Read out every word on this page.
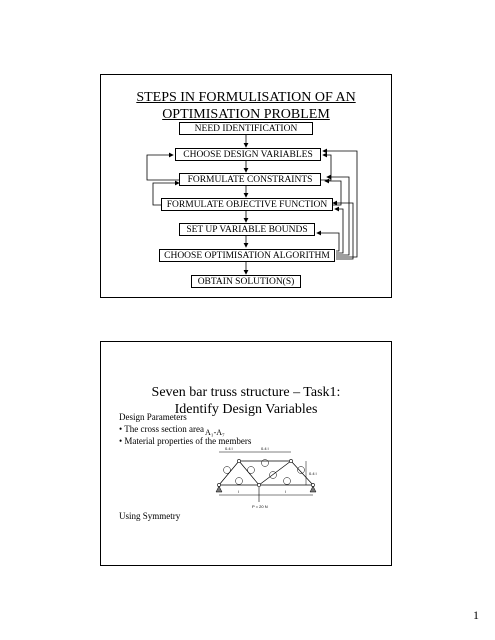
STEPS IN FORMULISATION OF AN
OPTIMISATION PROBLEM
NEED IDENTIFICATION
CHOOSE DESIGN VARIABLES
FORMULATE CONSTRAINTS
FORMULATE OBJECTIVE FUNCTION
SET UP VARIABLE BOUNDS
CHOOSE OPTIMISATION ALGORITHM
OBTAIN SOLUTION(S)
Seven bar truss structure – Task1:
Identify Design Variables
Design Parameters
• The cross section area A₁-A₇
• Material properties of the members
0.4 l	0.4 l
0.4 l
l	l
P = 20 N
Using Symmetry
1
